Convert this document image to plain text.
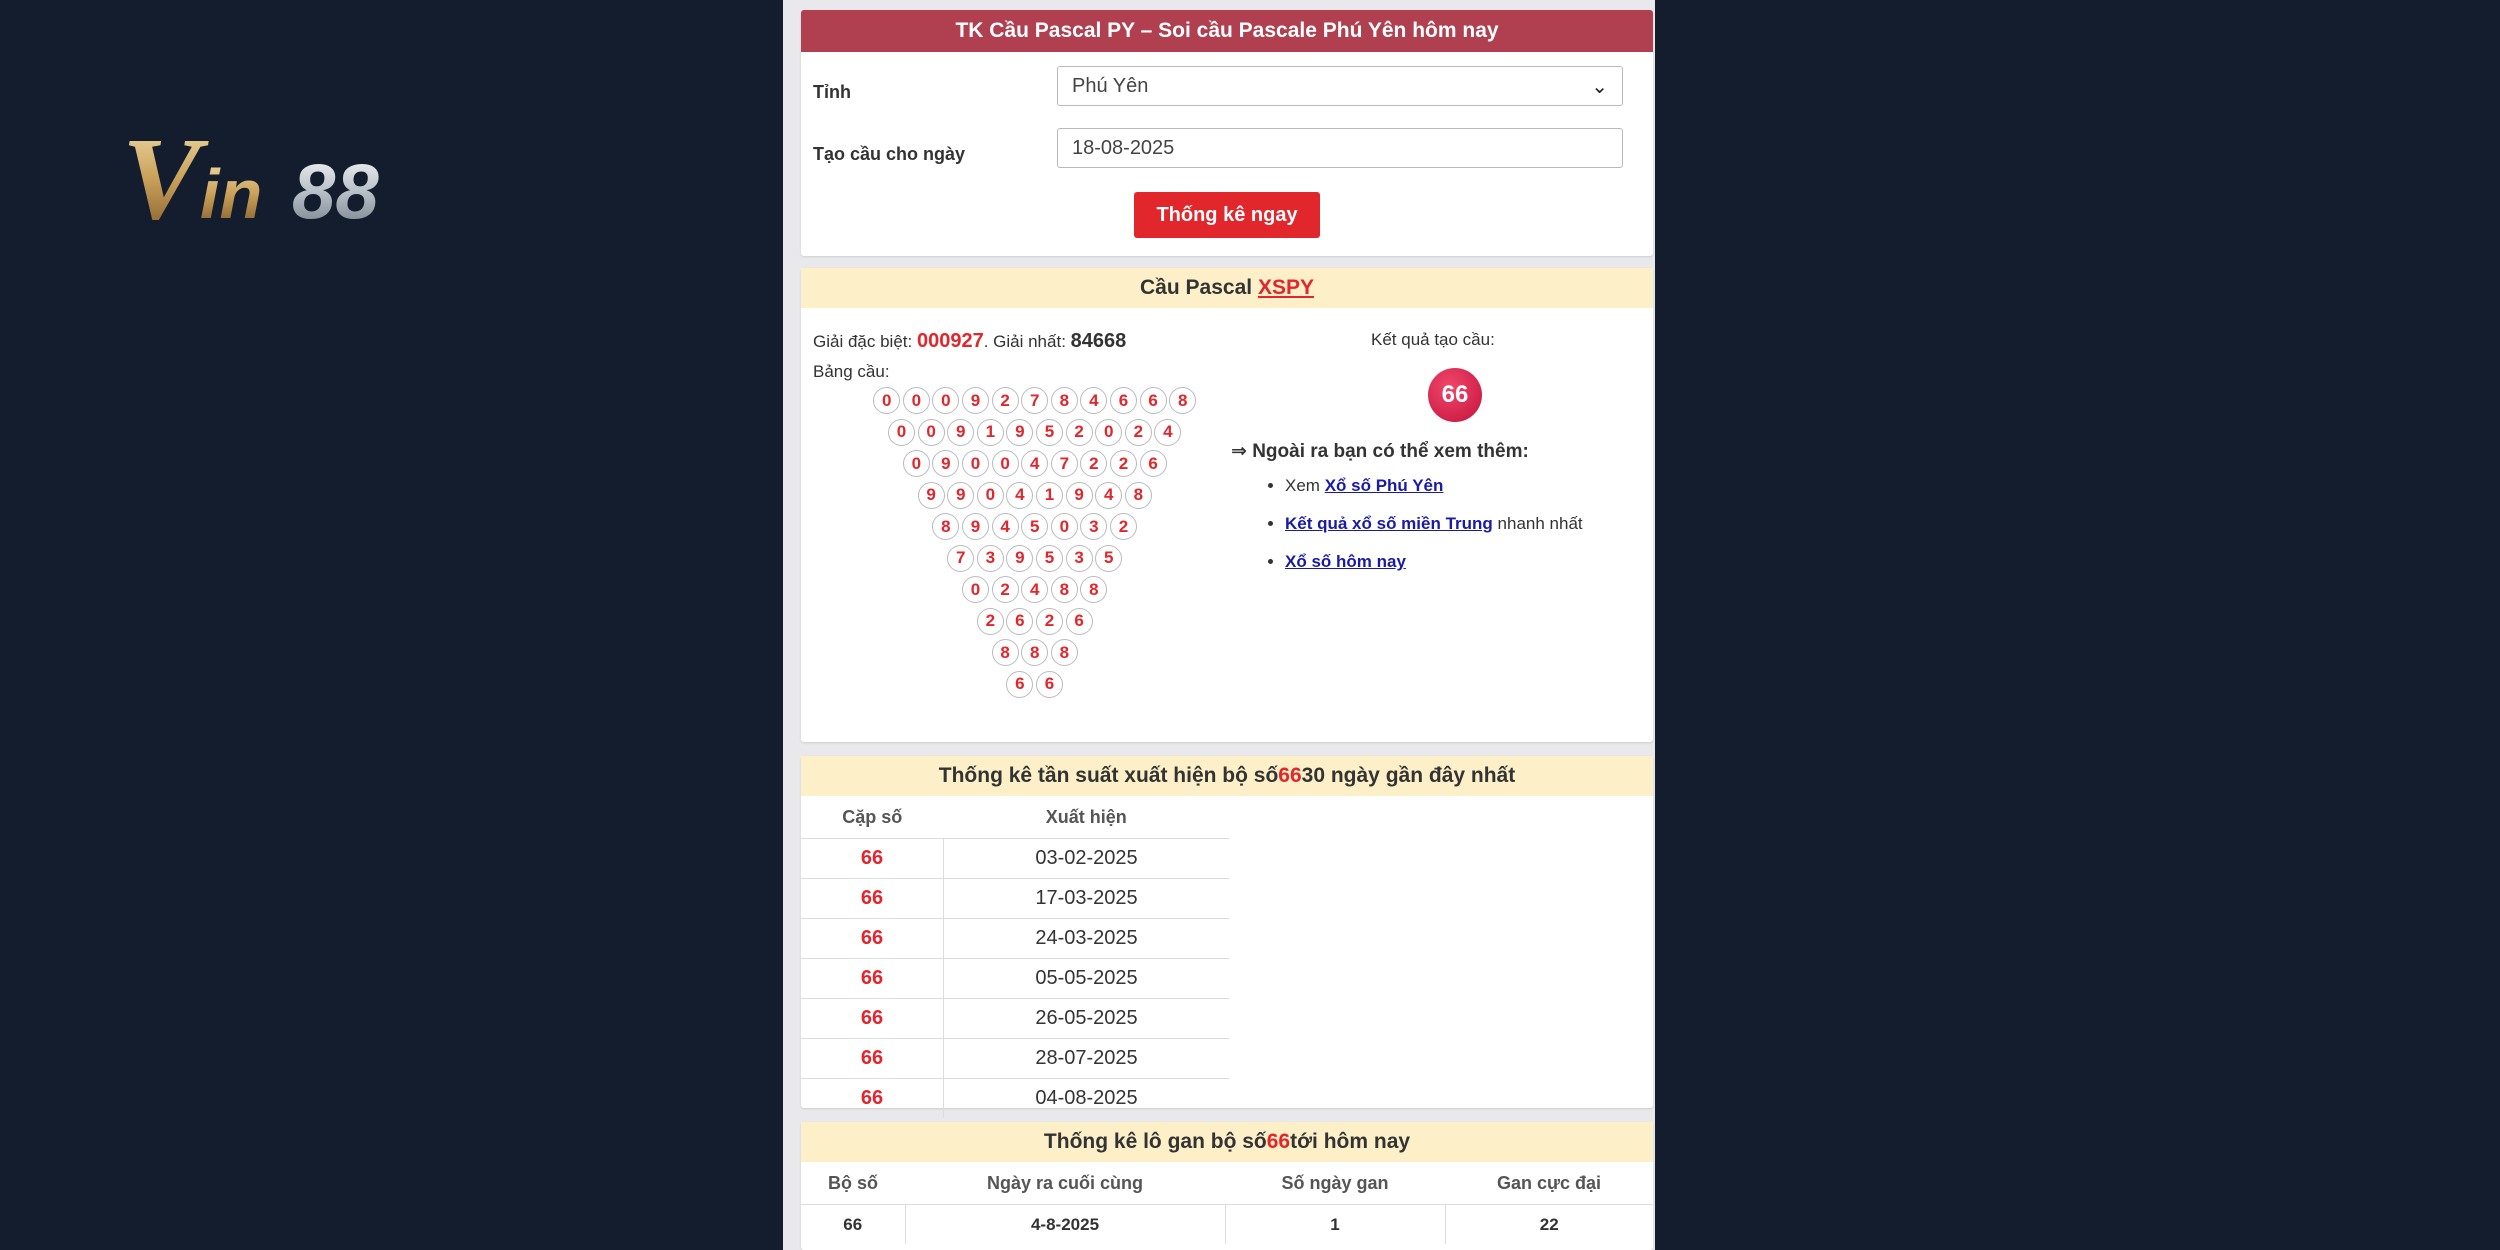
V in 88
TK Cầu Pascal PY – Soi cầu Pascale Phú Yên hôm nay
Tỉnh	Phú Yên	⌄
Tạo cầu cho ngày	18-08-2025
Thống kê ngay
Cầu Pascal
XSPY
Giải đặc biệt: 000927. Giải nhất: 84668
Bảng cầu:
0	0	0	9	2	7	8	4	6	6	8
0	0	9	1	9	5	2	0	2	4
0	9	0	0	4	7	2	2	6
9	9	0	4	1	9	4	8
8	9	4	5	0	3	2
7	3	9	5	3	5
0	2	4	8	8
2	6	2	6
8	8	8
6	6
Kết quả tạo cầu:
66
⇒ Ngoài ra bạn có thể xem thêm:
• Xem Xổ số Phú Yên
• Kết quả xổ số miền Trung nhanh nhất
• Xổ số hôm nay
Thống kê tần suất xuất hiện bộ số 66 30 ngày gần đây nhất
Cặp số	Xuất hiện
66	03-02-2025
66	17-03-2025
66	24-03-2025
66	05-05-2025
66	26-05-2025
66	28-07-2025
66	04-08-2025
Thống kê lô gan bộ số 66 tới hôm nay
Bộ số	Ngày ra cuối cùng	Số ngày gan	Gan cực đại
66	4-8-2025	1	22
